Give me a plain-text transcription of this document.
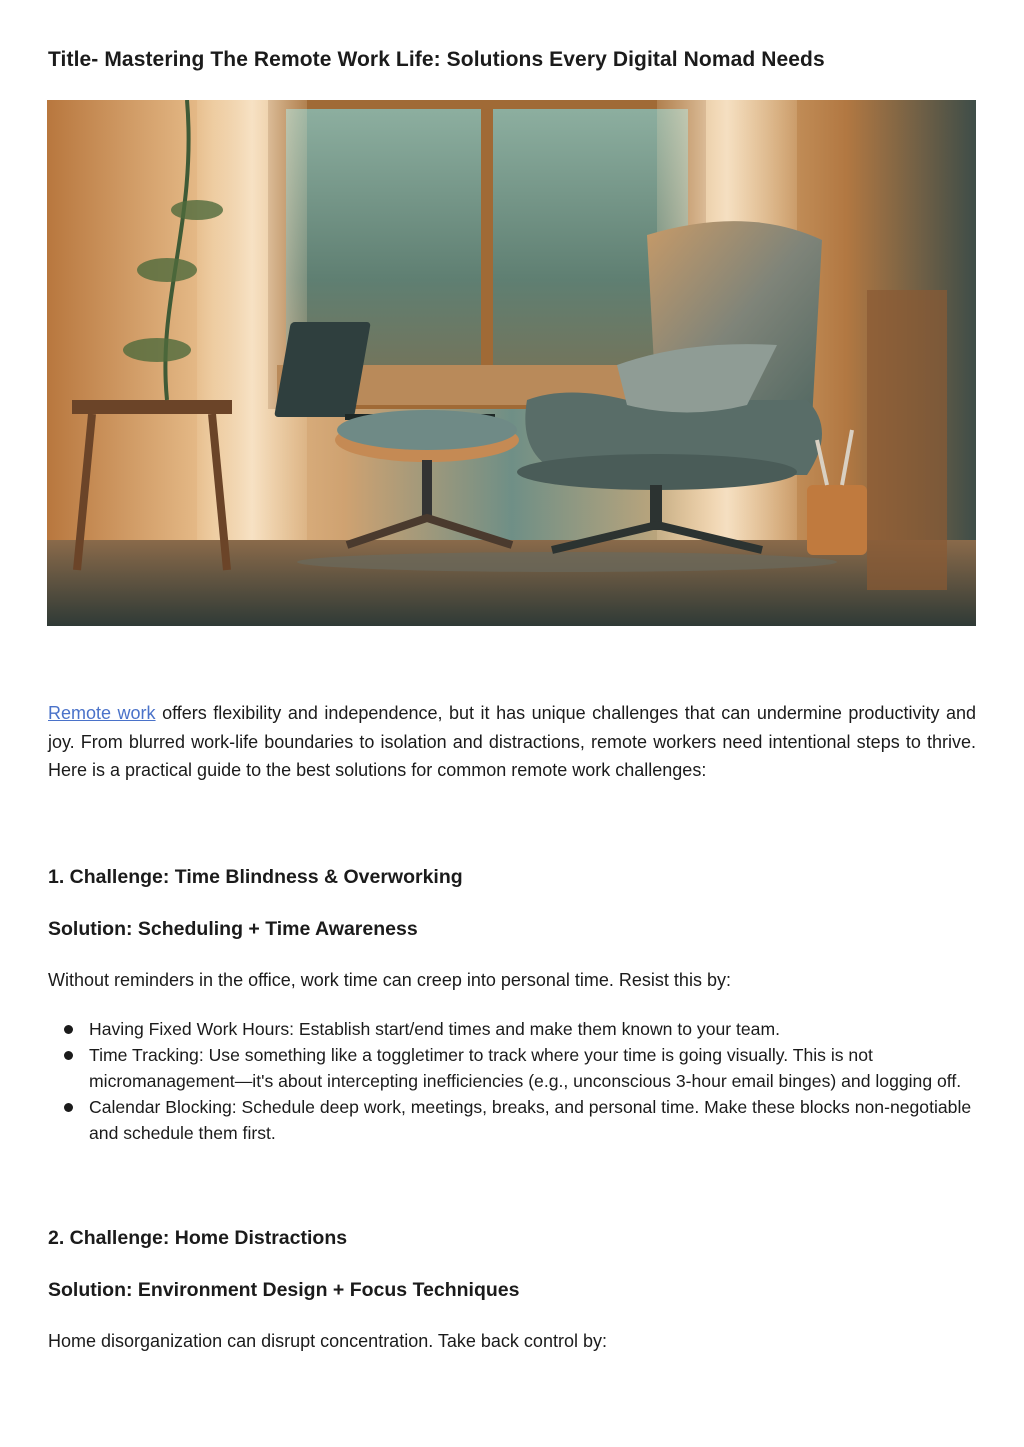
Title- Mastering The Remote Work Life: Solutions Every Digital Nomad Needs

Remote work offers flexibility and independence, but it has unique challenges that can undermine productivity and joy. From blurred work-life boundaries to isolation and distractions, remote workers need intentional steps to thrive. Here is a practical guide to the best solutions for common remote work challenges:

1. Challenge: Time Blindness & Overworking
Solution: Scheduling + Time Awareness

Without reminders in the office, work time can creep into personal time. Resist this by:

Having Fixed Work Hours: Establish start/end times and make them known to your team.
Time Tracking: Use something like a toggletimer to track where your time is going visually. This is not micromanagement—it's about intercepting inefficiencies (e.g., unconscious 3-hour email binges) and logging off.
Calendar Blocking: Schedule deep work, meetings, breaks, and personal time. Make these blocks non-negotiable and schedule them first.
2. Challenge: Home Distractions
Solution: Environment Design + Focus Techniques

Home disorganization can disrupt concentration. Take back control by:
